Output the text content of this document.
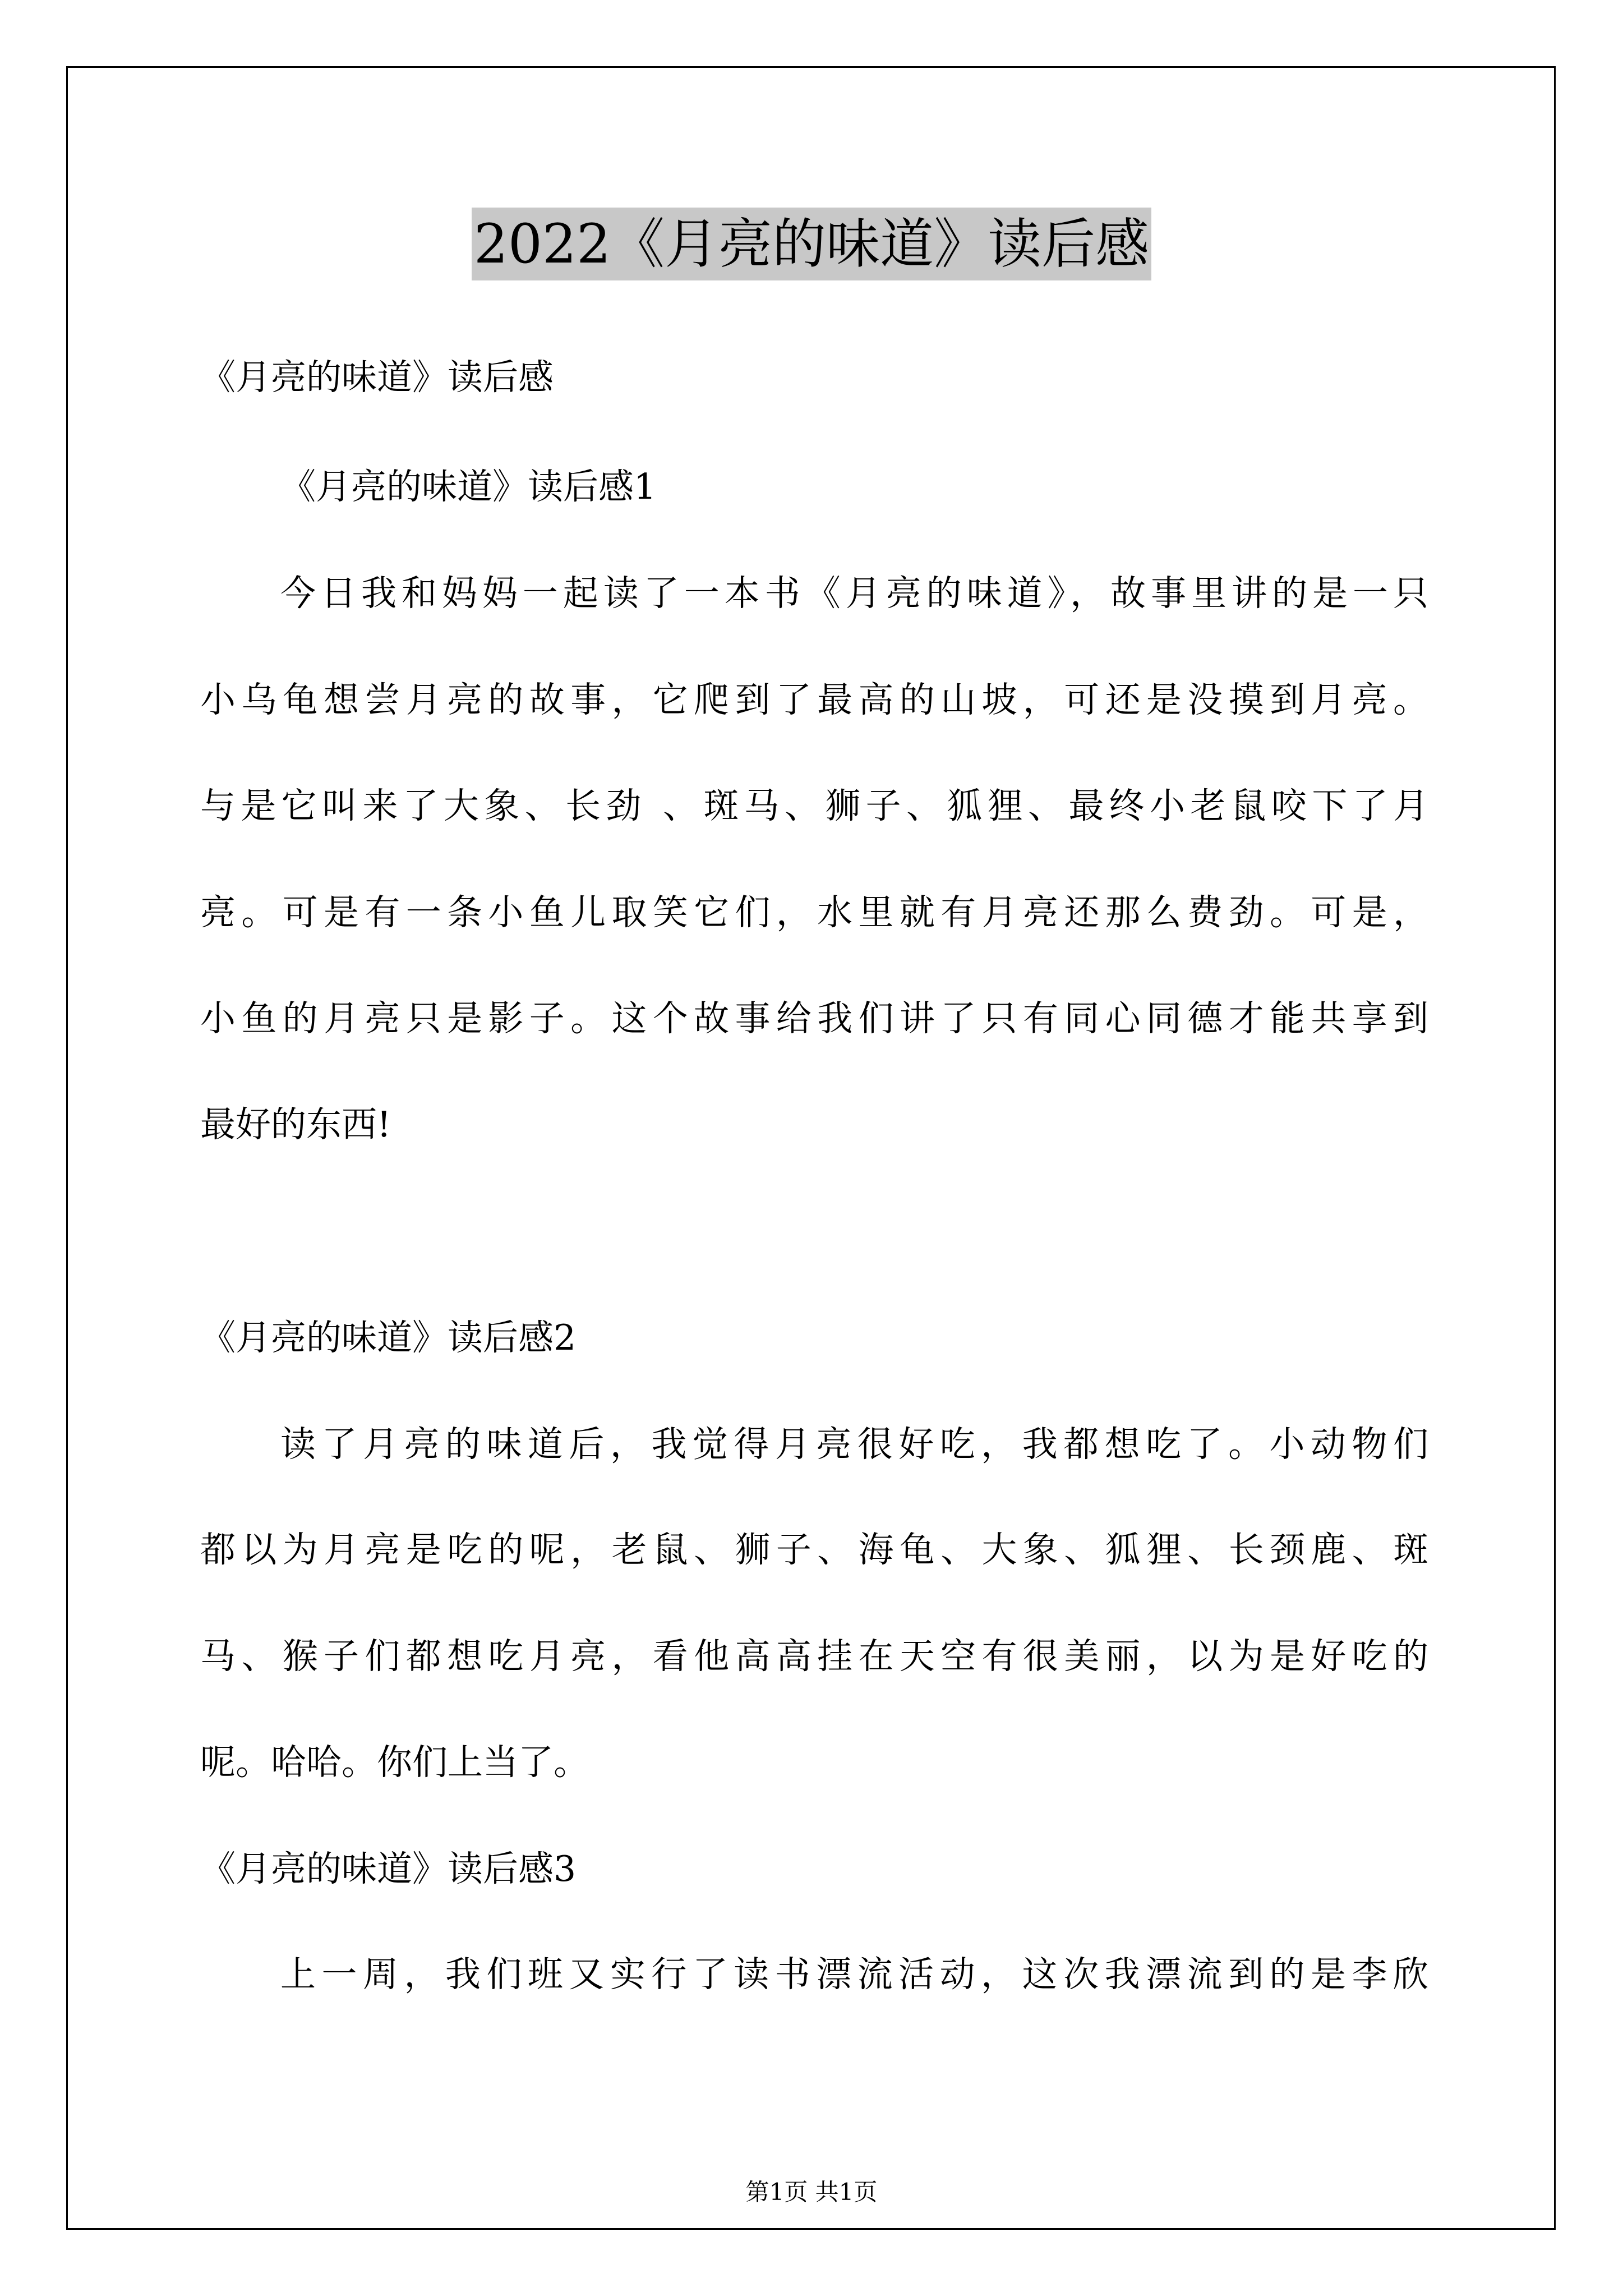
2022《月亮的味道》读后感
《月亮的味道》读后感
《月亮的味道》读后感1
今日我和妈妈一起读了一本书《月亮的味道》，故事里讲的是一只
小乌龟想尝月亮的故事，它爬到了最高的山坡，可还是没摸到月亮。
与是它叫来了大象、长劲 、斑马、狮子、狐狸、最终小老鼠咬下了月
亮。可是有一条小鱼儿取笑它们，水里就有月亮还那么费劲。可是，
小鱼的月亮只是影子。这个故事给我们讲了只有同心同德才能共享到
最好的东西!
《月亮的味道》读后感2
读了月亮的味道后，我觉得月亮很好吃，我都想吃了。小动物们
都以为月亮是吃的呢，老鼠、狮子、海龟、大象、狐狸、长颈鹿、斑
马、猴子们都想吃月亮，看他高高挂在天空有很美丽，以为是好吃的
呢。哈哈。你们上当了。
《月亮的味道》读后感3
上一周，我们班又实行了读书漂流活动，这次我漂流到的是李欣
第1页 共1页
